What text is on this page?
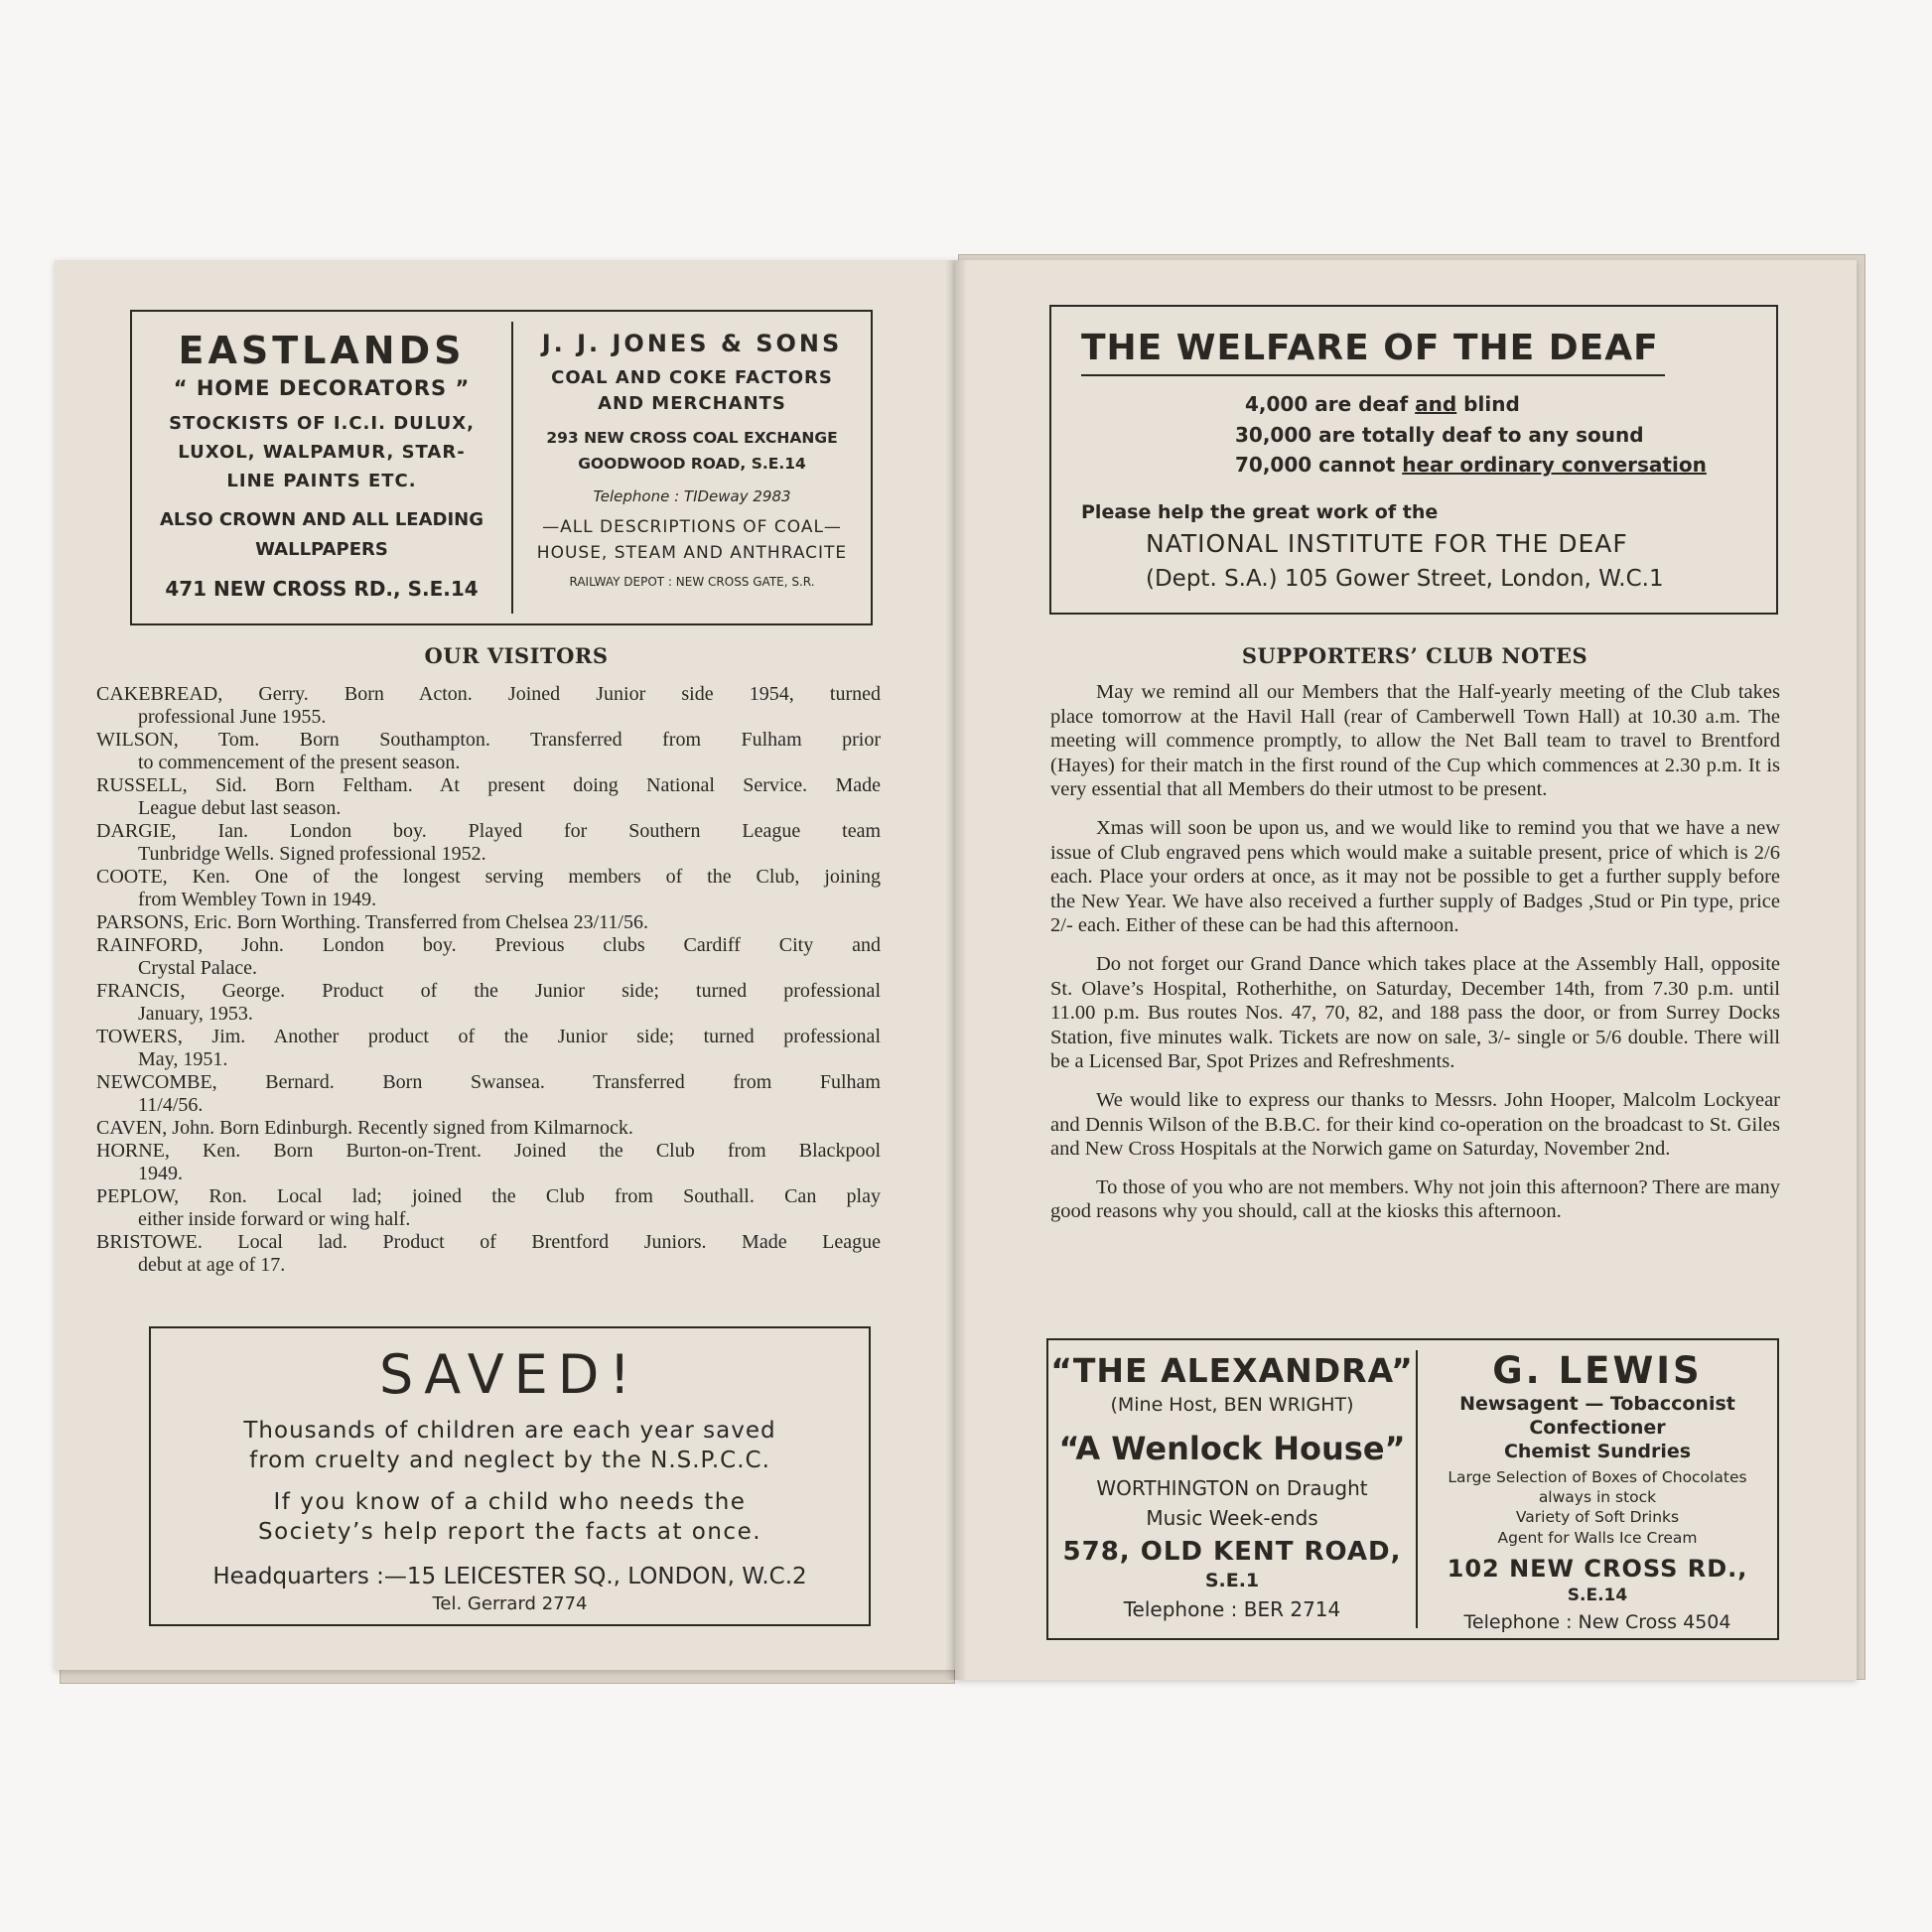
EASTLANDS
“ HOME DECORATORS ”
STOCKISTS OF I.C.I. DULUX,
LUXOL, WALPAMUR, STAR-
LINE PAINTS ETC.
ALSO CROWN AND ALL LEADING
WALLPAPERS
471 NEW CROSS RD., S.E.14
J. J. JONES & SONS
COAL AND COKE FACTORS
AND MERCHANTS
293 NEW CROSS COAL EXCHANGE
GOODWOOD ROAD, S.E.14
Telephone : TIDeway 2983
—ALL DESCRIPTIONS OF COAL—
HOUSE, STEAM AND ANTHRACITE
RAILWAY DEPOT : NEW CROSS GATE, S.R.
OUR VISITORS
CAKEBREAD, Gerry. Born Acton. Joined Junior side 1954, turned
professional June 1955.
WILSON, Tom. Born Southampton. Transferred from Fulham prior
to commencement of the present season.
RUSSELL, Sid. Born Feltham. At present doing National Service. Made
League debut last season.
DARGIE, Ian. London boy. Played for Southern League team
Tunbridge Wells. Signed professional 1952.
COOTE, Ken. One of the longest serving members of the Club, joining
from Wembley Town in 1949.
PARSONS, Eric. Born Worthing. Transferred from Chelsea 23/11/56.
RAINFORD, John. London boy. Previous clubs Cardiff City and
Crystal Palace.
FRANCIS, George. Product of the Junior side; turned professional
January, 1953.
TOWERS, Jim. Another product of the Junior side; turned professional
May, 1951.
NEWCOMBE, Bernard. Born Swansea. Transferred from Fulham
11/4/56.
CAVEN, John. Born Edinburgh. Recently signed from Kilmarnock.
HORNE, Ken. Born Burton-on-Trent. Joined the Club from Blackpool
1949.
PEPLOW, Ron. Local lad; joined the Club from Southall. Can play
either inside forward or wing half.
BRISTOWE. Local lad. Product of Brentford Juniors. Made League
debut at age of 17.
SAVED!
Thousands of children are each year saved
from cruelty and neglect by the N.S.P.C.C.
If you know of a child who needs the
Society’s help report the facts at once.
Headquarters :—15 LEICESTER SQ., LONDON, W.C.2
Tel. Gerrard 2774
THE WELFARE OF THE DEAF
4,000 are deaf and blind
30,000 are totally deaf to any sound
70,000 cannot hear ordinary conversation
Please help the great work of the
NATIONAL INSTITUTE FOR THE DEAF
(Dept. S.A.) 105 Gower Street, London, W.C.1
SUPPORTERS’ CLUB NOTES

May we remind all our Members that the Half-yearly meeting of the Club takes place tomorrow at the Havil Hall (rear of Camberwell Town Hall) at 10.30 a.m. The meeting will commence promptly, to allow the Net Ball team to travel to Brentford (Hayes) for their match in the first round of the Cup which commences at 2.30 p.m. It is very essential that all Members do their utmost to be present.

Xmas will soon be upon us, and we would like to remind you that we have a new issue of Club engraved pens which would make a suitable present, price of which is 2/6 each. Place your orders at once, as it may not be possible to get a further supply before the New Year. We have also received a further supply of Badges ,Stud or Pin type, price 2/- each. Either of these can be had this afternoon.

Do not forget our Grand Dance which takes place at the Assembly Hall, opposite St. Olave’s Hospital, Rotherhithe, on Saturday, December 14th, from 7.30 p.m. until 11.00 p.m. Bus routes Nos. 47, 70, 82, and 188 pass the door, or from Surrey Docks Station, five minutes walk. Tickets are now on sale, 3/- single or 5/6 double. There will be a Licensed Bar, Spot Prizes and Refreshments.

We would like to express our thanks to Messrs. John Hooper, Malcolm Lockyear and Dennis Wilson of the B.B.C. for their kind co-operation on the broadcast to St. Giles and New Cross Hospitals at the Norwich game on Saturday, November 2nd.

To those of you who are not members. Why not join this afternoon? There are many good reasons why you should, call at the kiosks this afternoon.

“THE ALEXANDRA”
(Mine Host, BEN WRIGHT)
“A Wenlock House”
WORTHINGTON on Draught
Music Week-ends
578, OLD KENT ROAD,
S.E.1
Telephone : BER 2714
G. LEWIS
Newsagent — Tobacconist
Confectioner
Chemist Sundries
Large Selection of Boxes of Chocolates
always in stock
Variety of Soft Drinks
Agent for Walls Ice Cream
102 NEW CROSS RD.,
S.E.14
Telephone : New Cross 4504
